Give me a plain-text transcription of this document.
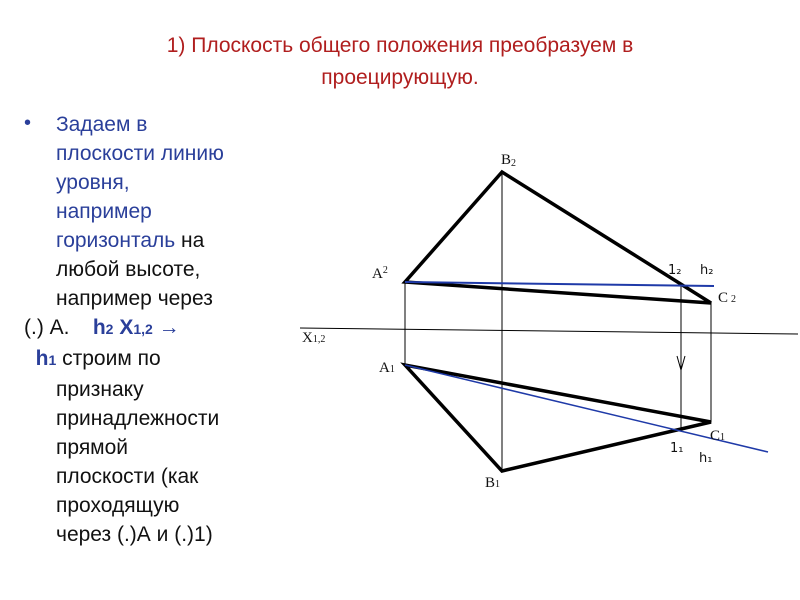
1) Плоскость общего положения преобразуем в
проецирующую.
•	Задаем в
плоскости линию
уровня,
например
горизонталь на
любой высоте,
например через
(.) А. h2 X1,2 →
h1 строим по
признаку
принадлежности
прямой
плоскости (как
проходящую
через (.)А и (.)1)
B2
$A^2$
C 2
X1,2
A1
C1
B1
1₂ h₂
1₁
h₁
